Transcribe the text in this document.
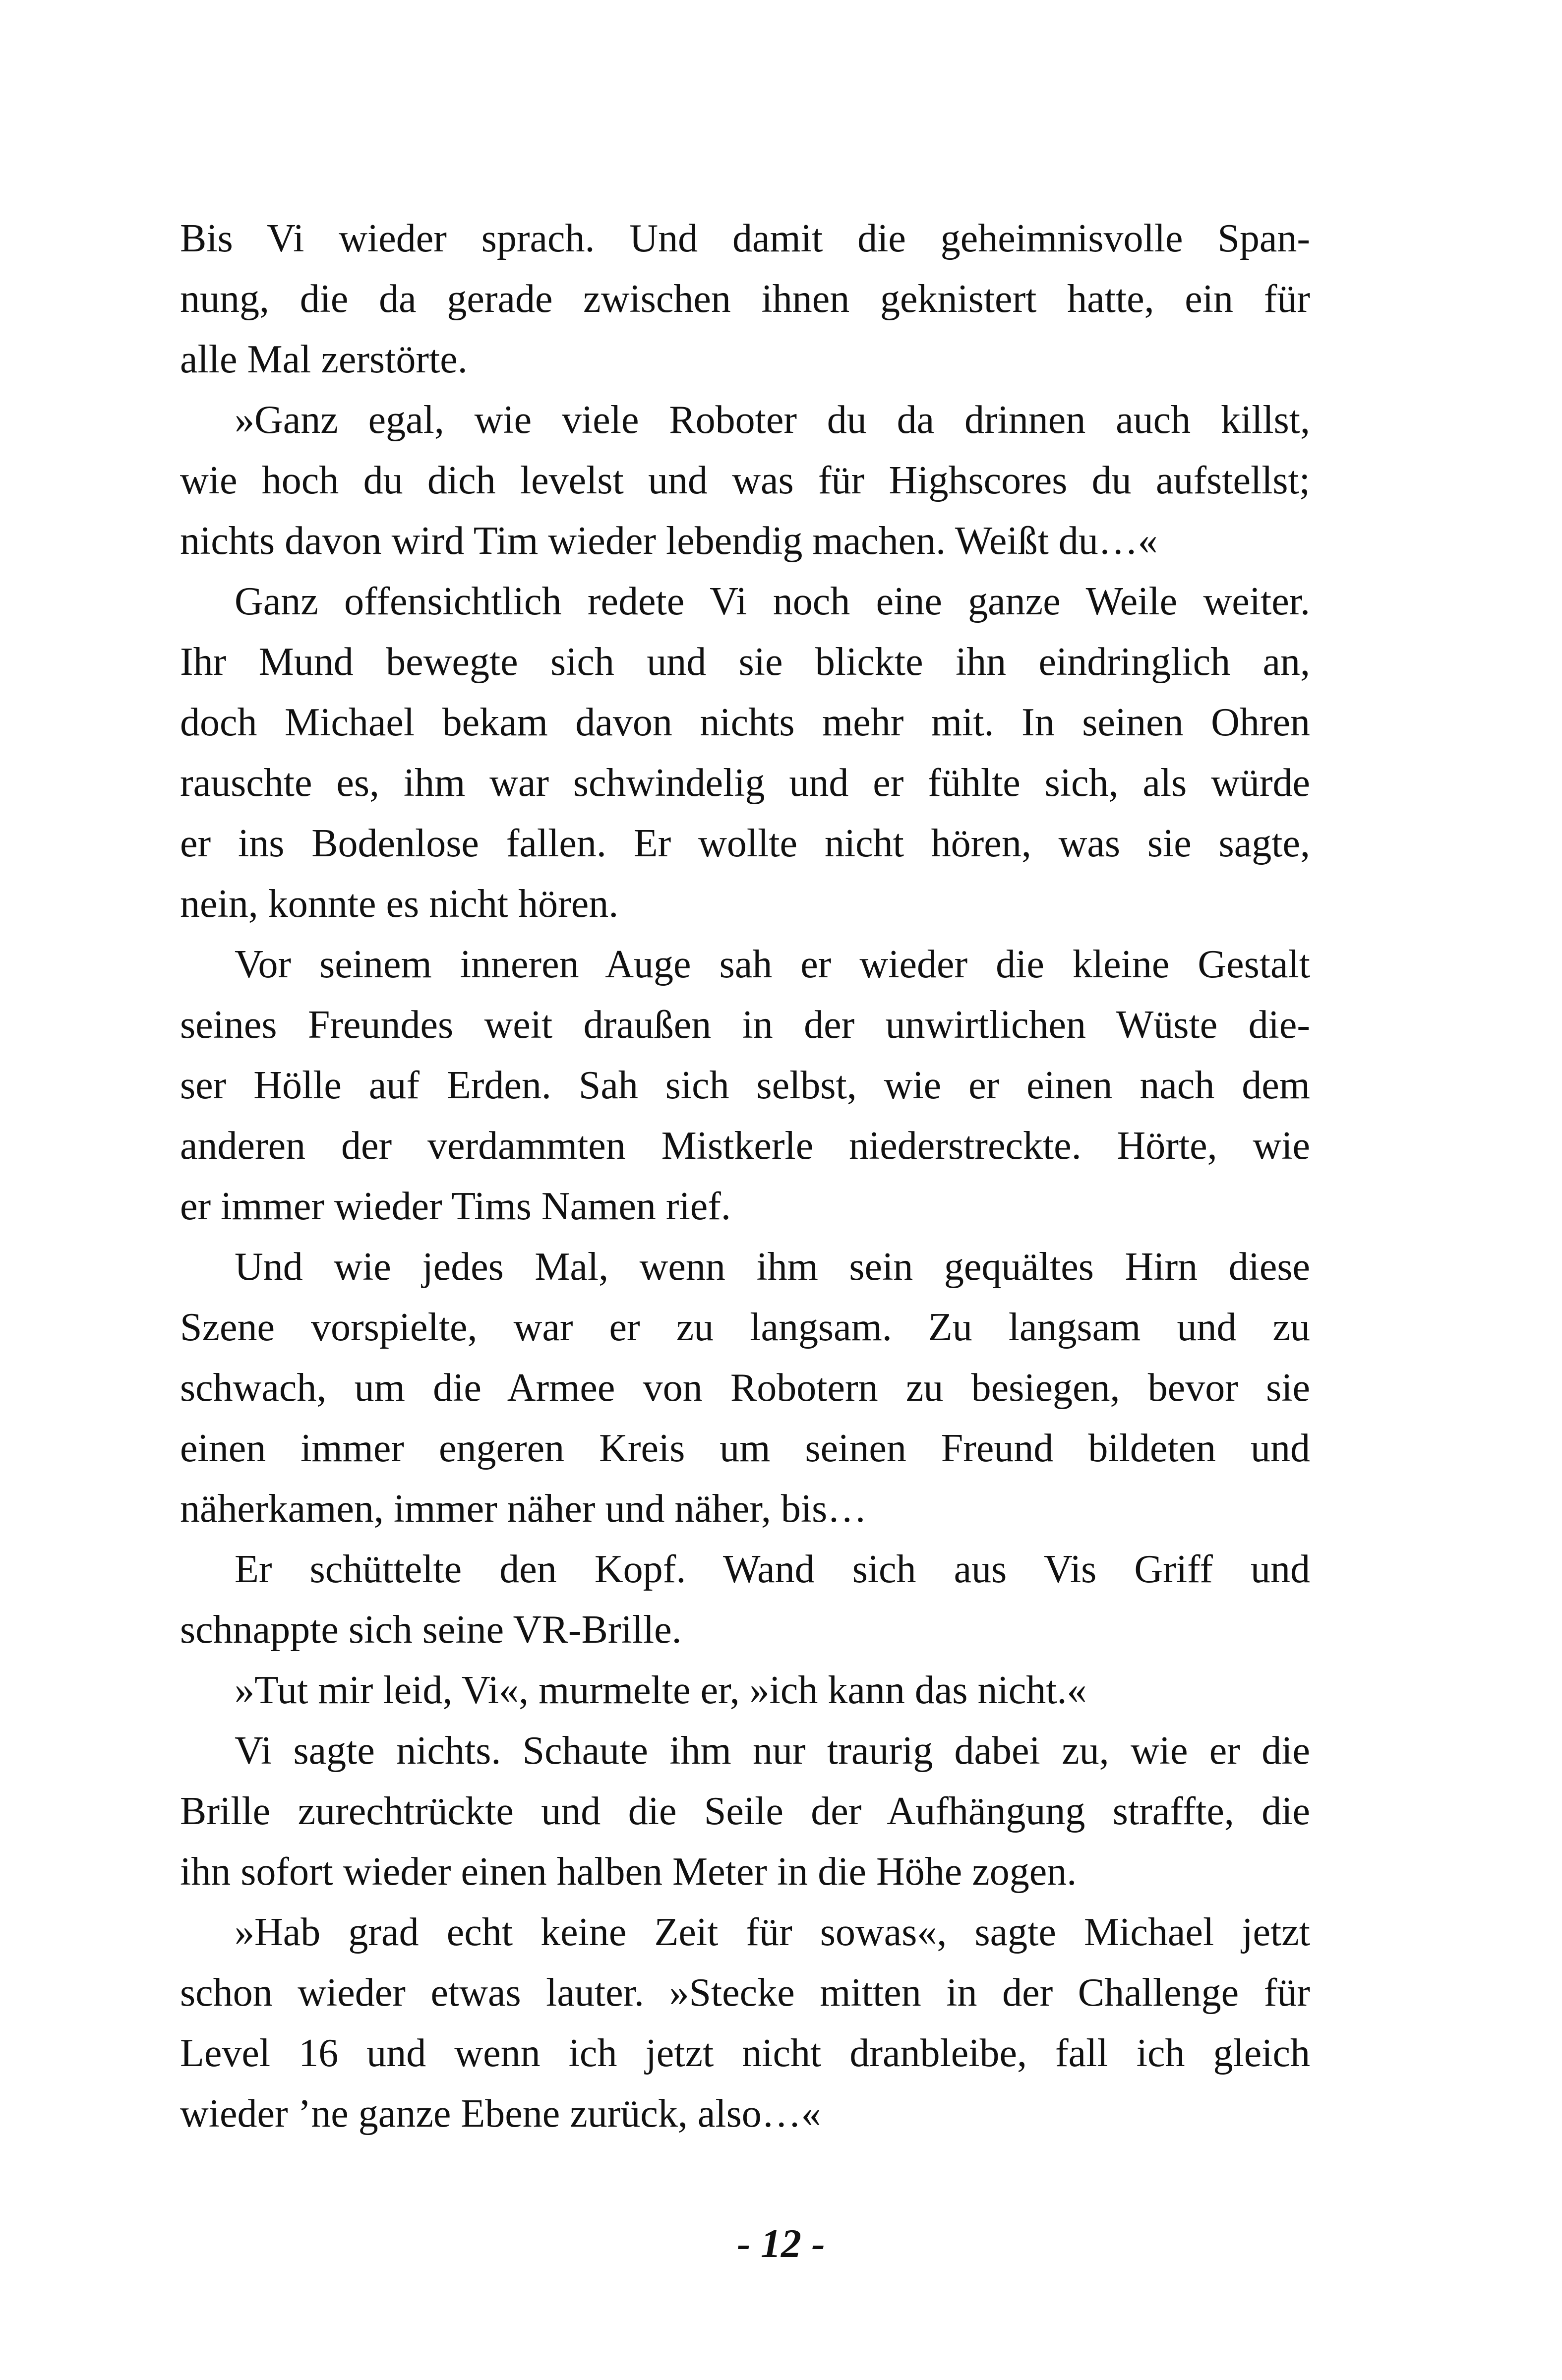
Bis Vi wieder sprach. Und damit die geheimnisvolle Span-
nung, die da gerade zwischen ihnen geknistert hatte, ein für
alle Mal zerstörte.
»Ganz egal, wie viele Roboter du da drinnen auch killst,
wie hoch du dich levelst und was für Highscores du aufstellst;
nichts davon wird Tim wieder lebendig machen. Weißt du…«
Ganz offensichtlich redete Vi noch eine ganze Weile weiter.
Ihr Mund bewegte sich und sie blickte ihn eindringlich an,
doch Michael bekam davon nichts mehr mit. In seinen Ohren
rauschte es, ihm war schwindelig und er fühlte sich, als würde
er ins Bodenlose fallen. Er wollte nicht hören, was sie sagte,
nein, konnte es nicht hören.
Vor seinem inneren Auge sah er wieder die kleine Gestalt
seines Freundes weit draußen in der unwirtlichen Wüste die-
ser Hölle auf Erden. Sah sich selbst, wie er einen nach dem
anderen der verdammten Mistkerle niederstreckte. Hörte, wie
er immer wieder Tims Namen rief.
Und wie jedes Mal, wenn ihm sein gequältes Hirn diese
Szene vorspielte, war er zu langsam. Zu langsam und zu
schwach, um die Armee von Robotern zu besiegen, bevor sie
einen immer engeren Kreis um seinen Freund bildeten und
näherkamen, immer näher und näher, bis…
Er schüttelte den Kopf. Wand sich aus Vis Griff und
schnappte sich seine VR-Brille.
»Tut mir leid, Vi«, murmelte er, »ich kann das nicht.«
Vi sagte nichts. Schaute ihm nur traurig dabei zu, wie er die
Brille zurechtrückte und die Seile der Aufhängung straffte, die
ihn sofort wieder einen halben Meter in die Höhe zogen.
»Hab grad echt keine Zeit für sowas«, sagte Michael jetzt
schon wieder etwas lauter. »Stecke mitten in der Challenge für
Level 16 und wenn ich jetzt nicht dranbleibe, fall ich gleich
wieder ’ne ganze Ebene zurück, also…«
- 12 -
